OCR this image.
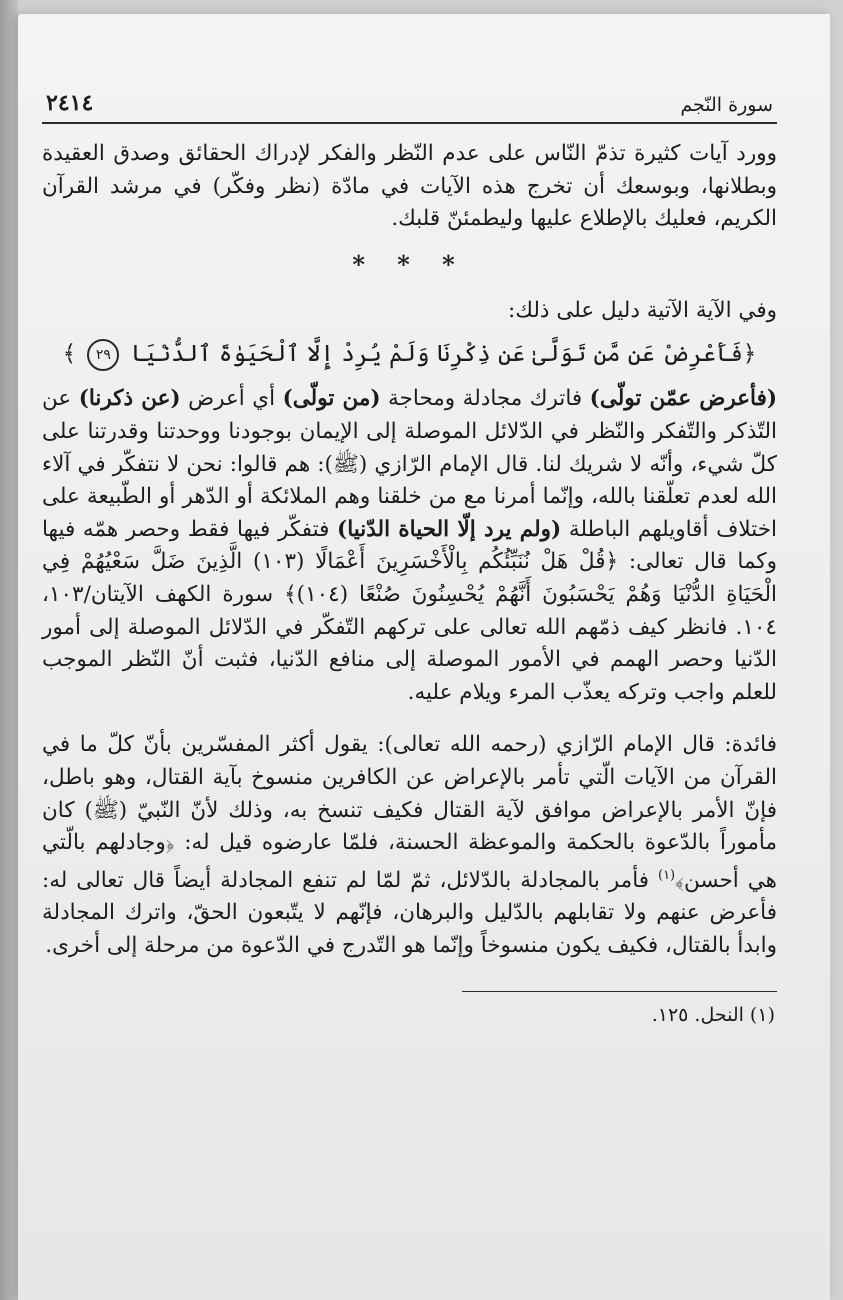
سورة النّجم
٢٤١٤

وورد آيات كثيرة تذمّ النّاس على عدم النّظر والفكر لإدراك الحقائق وصدق العقيدة وبطلانها، وبوسعك أن تخرج هذه الآيات في مادّة (نظر وفكّر) في مرشد القرآن الكريم، فعليك بالإطلاع عليها وليطمئنّ قلبك.

* * *

وفي الآية الآتية دليل على ذلك:

﴿فَأَعْرِضْ عَن مَّن تَوَلَّىٰ عَن ذِكْرِنَا وَلَمْ يُرِدْ إِلَّا ٱلْحَيَوٰةَ ٱلدُّنْيَا ٢٩ ﴾

(فأعرض عمّن تولّى) فاترك مجادلة ومحاجة (من تولّى) أي أعرض (عن ذكرنا) عن التّذكر والتّفكر والنّظر في الدّلائل الموصلة إلى الإيمان بوجودنا ووحدتنا وقدرتنا على كلّ شيء، وأنّه لا شريك لنا. قال الإمام الرّازي (ﷺ): هم قالوا: نحن لا نتفكّر في آلاء الله لعدم تعلّقنا بالله، وإنّما أمرنا مع من خلقنا وهم الملائكة أو الدّهر أو الطّبيعة على اختلاف أقاويلهم الباطلة (ولم يرد إلّا الحياة الدّنيا) فتفكّر فيها فقط وحصر همّه فيها وكما قال تعالى: ﴿قُلْ هَلْ نُنَبِّئُكُم بِالْأَخْسَرِينَ أَعْمَالًا (١٠٣) الَّذِينَ ضَلَّ سَعْيُهُمْ فِي الْحَيَاةِ الدُّنْيَا وَهُمْ يَحْسَبُونَ أَنَّهُمْ يُحْسِنُونَ صُنْعًا (١٠٤)﴾ سورة الكهف الآيتان/١٠٣، ١٠٤. فانظر كيف ذمّهم الله تعالى على تركهم التّفكّر في الدّلائل الموصلة إلى أمور الدّنيا وحصر الهمم في الأمور الموصلة إلى منافع الدّنيا، فثبت أنّ النّظر الموجب للعلم واجب وتركه يعذّب المرء ويلام عليه.

فائدة: قال الإمام الرّازي (رحمه الله تعالى): يقول أكثر المفسّرين بأنّ كلّ ما في القرآن من الآيات الّتي تأمر بالإعراض عن الكافرين منسوخ بآية القتال، وهو باطل، فإنّ الأمر بالإعراض موافق لآية القتال فكيف تنسخ به، وذلك لأنّ النّبيّ (ﷺ) كان مأموراً بالدّعوة بالحكمة والموعظة الحسنة، فلمّا عارضوه قيل له: ﴿وجادلهم بالّتي هي أحسن﴾$^{(١)}$ فأمر بالمجادلة بالدّلائل، ثمّ لمّا لم تنفع المجادلة أيضاً قال تعالى له: فأعرض عنهم ولا تقابلهم بالدّليل والبرهان، فإنّهم لا يتّبعون الحقّ، واترك المجادلة وابدأ بالقتال، فكيف يكون منسوخاً وإنّما هو التّدرج في الدّعوة من مرحلة إلى أخرى.

(١) النحل. ١٢٥.
